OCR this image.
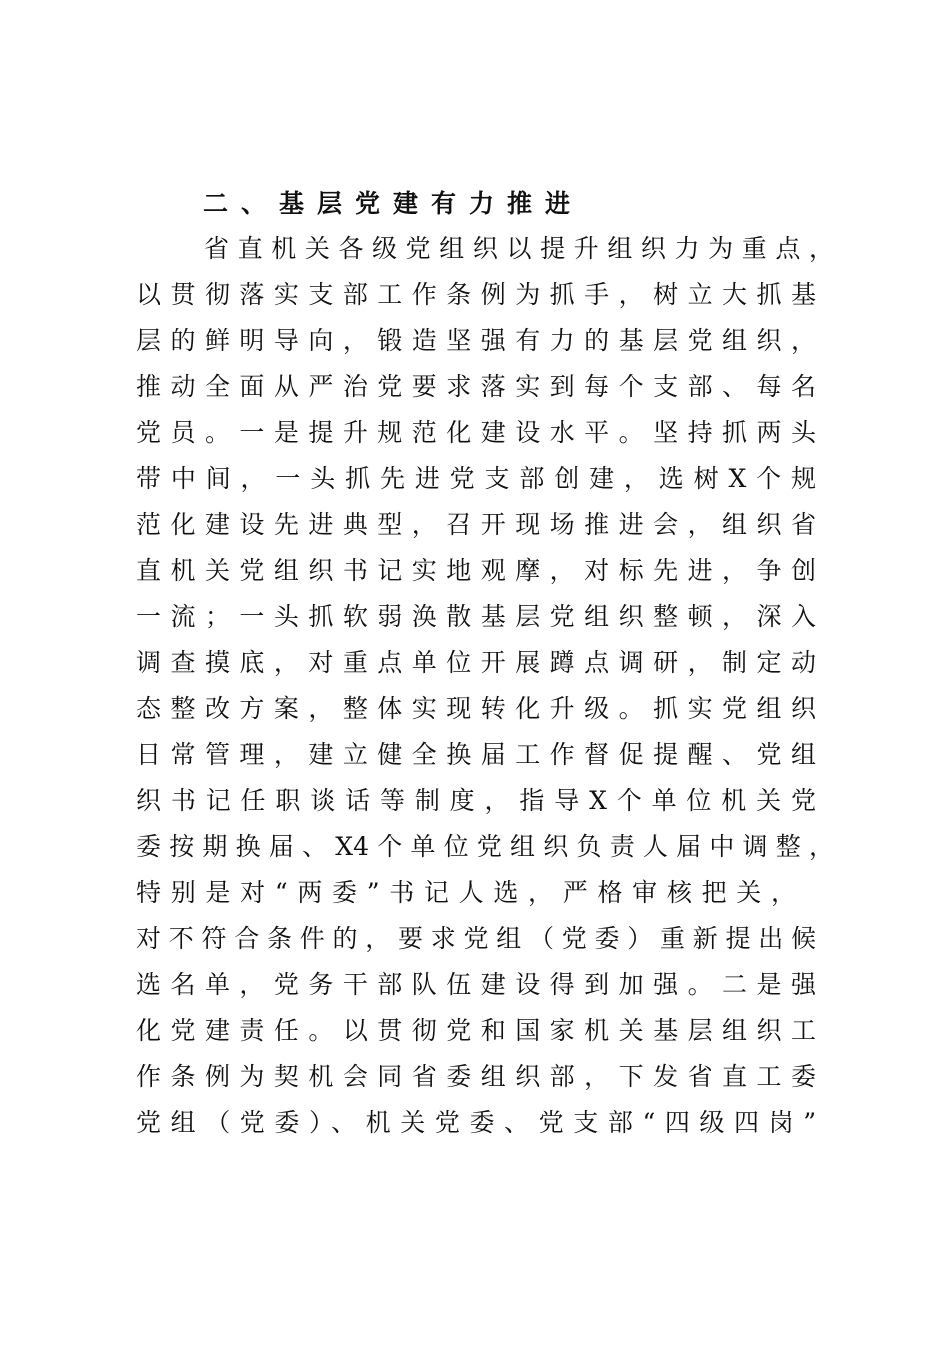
二、基层党建有力推进
省直机关各级党组织以提升组织力为重点，
以贯彻落实支部工作条例为抓手，树立大抓基
层的鲜明导向，锻造坚强有力的基层党组织，
推动全面从严治党要求落实到每个支部、每名
党员。一是提升规范化建设水平。坚持抓两头
带中间，一头抓先进党支部创建，选树X个规
范化建设先进典型，召开现场推进会，组织省
直机关党组织书记实地观摩，对标先进，争创
一流；一头抓软弱涣散基层党组织整顿，深入
调查摸底，对重点单位开展蹲点调研，制定动
态整改方案，整体实现转化升级。抓实党组织
日常管理，建立健全换届工作督促提醒、党组
织书记任职谈话等制度，指导X个单位机关党
委按期换届、X4个单位党组织负责人届中调整，
特别是对“两委”书记人选，严格审核把关，
对不符合条件的，要求党组（党委）重新提出候
选名单，党务干部队伍建设得到加强。二是强
化党建责任。以贯彻党和国家机关基层组织工
作条例为契机会同省委组织部，下发省直工委
党组（党委）、机关党委、党支部“四级四岗”
